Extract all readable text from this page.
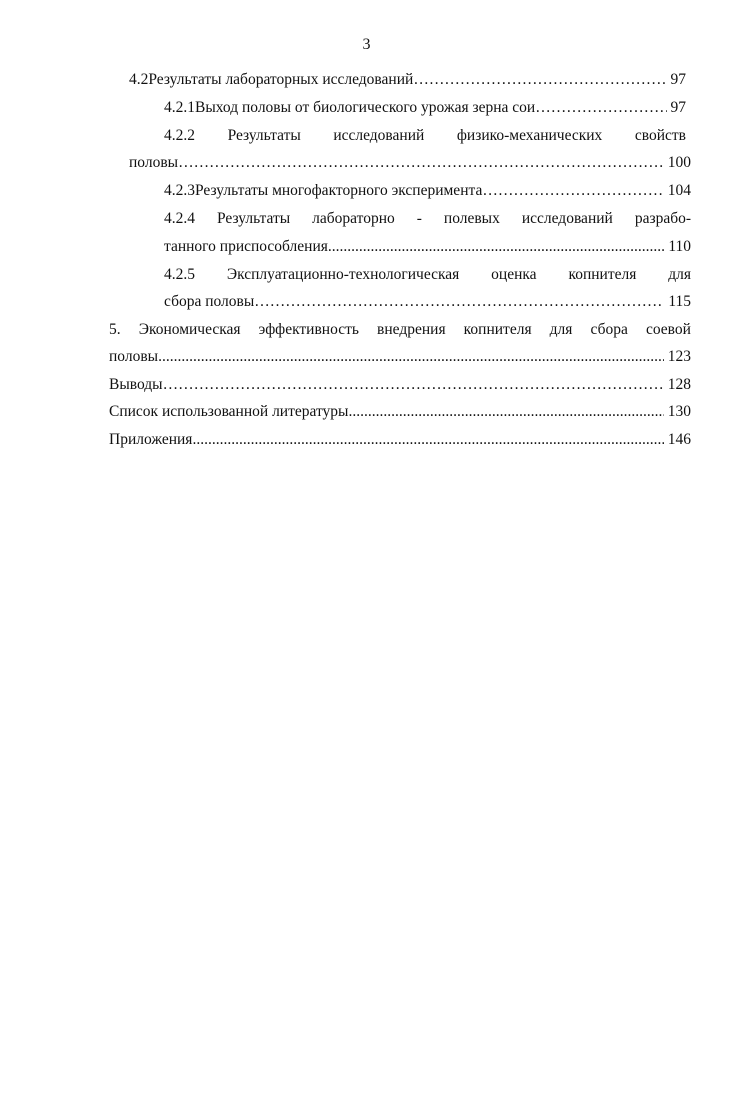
3
4.2 Результаты лабораторных исследований …………………………………………………………………………………………………………………………………………………………………………	97
4.2.1 Выход половы от биологического урожая зерна сои …………………………………………………………………………………………………………………………………………………………………………	97
4.2.2 Результаты исследований физико-механических свойств
половы …………………………………………………………………………………………………………………………………………………………………………	100
4.2.3 Результаты многофакторного эксперимента …………………………………………………………………………………………………………………………………………………………………………	104
4.2.4 Результаты лабораторно - полевых исследований разрабо-
танного приспособления .....	110
4.2.5 Эксплуатационно-технологическая оценка копнителя для
сбора половы …………………………………………………………………………………………………………………………………………………………………………	115
5. Экономическая эффективность внедрения копнителя для сбора соевой
половы .....	123
Выводы …………………………………………………………………………………………………………………………………………………………………………	128
Список использованной литературы .....	130
Приложения .....	146
